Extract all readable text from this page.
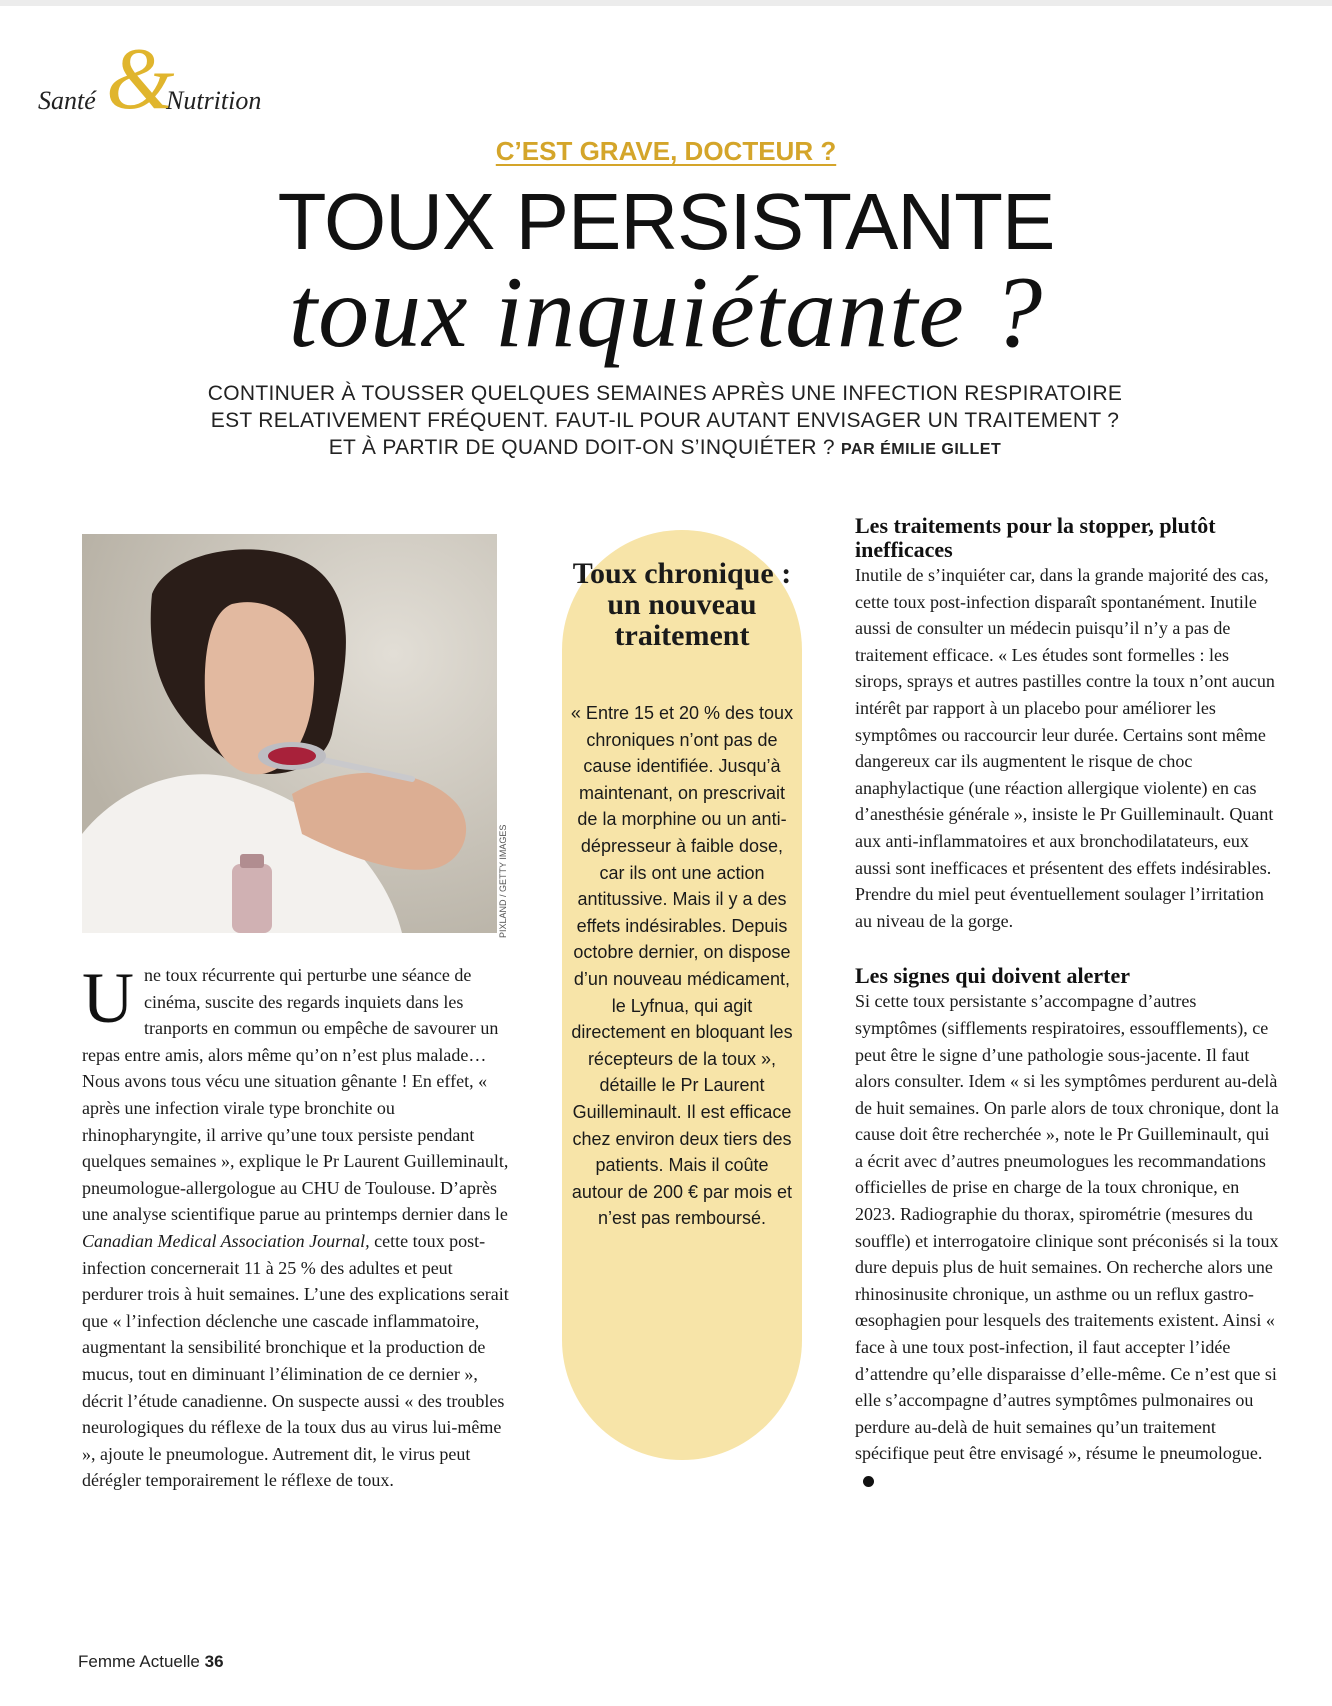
Santé &
Nutrition
C’EST GRAVE, DOCTEUR ?
TOUX PERSISTANTE
toux inquiétante ?
CONTINUER À TOUSSER QUELQUES SEMAINES APRÈS UNE INFECTION RESPIRATOIRE
EST RELATIVEMENT FRÉQUENT. FAUT-IL POUR AUTANT ENVISAGER UN TRAITEMENT ?
ET À PARTIR DE QUAND DOIT-ON S’INQUIÉTER ? PAR ÉMILIE GILLET
PIXLAND / GETTY IMAGES

Une toux récurrente qui perturbe une séance de cinéma, suscite des regards inquiets dans les tranports en commun ou empêche de savourer un repas entre amis, alors même qu’on n’est plus malade… Nous avons tous vécu une situation gênante ! En effet, « après une infection virale type bronchite ou rhinopharyngite, il arrive qu’une toux persiste pendant quelques semaines », explique le Pr Laurent Guilleminault, pneumologue-allergologue au CHU de Toulouse. D’après une analyse scientifique parue au printemps dernier dans le Canadian Medical Association Journal, cette toux post-infection concernerait 11 à 25 % des adultes et peut perdurer trois à huit semaines. L’une des explications serait que « l’infection déclenche une cascade inflammatoire, augmentant la sensibilité bronchique et la production de mucus, tout en diminuant l’élimination de ce dernier », décrit l’étude canadienne. On suspecte aussi « des troubles neurologiques du réflexe de la toux dus au virus lui-même », ajoute le pneumologue. Autrement dit, le virus peut dérégler temporairement le réflexe de toux.

Toux chronique : un nouveau traitement
« Entre 15 et 20 % des toux chroniques n’ont pas de cause identifiée. Jusqu’à maintenant, on prescrivait de la morphine ou un anti-dépresseur à faible dose, car ils ont une action antitussive. Mais il y a des effets indésirables. Depuis octobre dernier, on dispose d’un nouveau médicament, le Lyfnua, qui agit directement en bloquant les récepteurs de la toux », détaille le Pr Laurent Guilleminault. Il est efficace chez environ deux tiers des patients. Mais il coûte autour de 200 € par mois et n’est pas remboursé.
Les traitements pour la stopper, plutôt inefficaces

Inutile de s’inquiéter car, dans la grande majorité des cas, cette toux post-infection disparaît spontanément. Inutile aussi de consulter un médecin puisqu’il n’y a pas de traitement efficace. « Les études sont formelles : les sirops, sprays et autres pastilles contre la toux n’ont aucun intérêt par rapport à un placebo pour améliorer les symptômes ou raccourcir leur durée. Certains sont même dangereux car ils augmentent le risque de choc anaphylactique (une réaction allergique violente) en cas d’anesthésie générale », insiste le Pr Guilleminault. Quant aux anti-inflammatoires et aux bronchodilatateurs, eux aussi sont inefficaces et présentent des effets indésirables. Prendre du miel peut éventuellement soulager l’irritation au niveau de la gorge.

Les signes qui doivent alerter

Si cette toux persistante s’accompagne d’autres symptômes (sifflements respiratoires, essoufflements), ce peut être le signe d’une pathologie sous-jacente. Il faut alors consulter. Idem « si les symptômes perdurent au-delà de huit semaines. On parle alors de toux chronique, dont la cause doit être recherchée », note le Pr Guilleminault, qui a écrit avec d’autres pneumologues les recommandations officielles de prise en charge de la toux chronique, en 2023. Radiographie du thorax, spirométrie (mesures du souffle) et interrogatoire clinique sont préconisés si la toux dure depuis plus de huit semaines. On recherche alors une rhinosinusite chronique, un asthme ou un reflux gastro-œsophagien pour lesquels des traitements existent. Ainsi « face à une toux post-infection, il faut accepter l’idée d’attendre qu’elle disparaisse d’elle-même. Ce n’est que si elle s’accompagne d’autres symptômes pulmonaires ou perdure au-delà de huit semaines qu’un traitement spécifique peut être envisagé », résume le pneumologue.

Femme Actuelle 36
